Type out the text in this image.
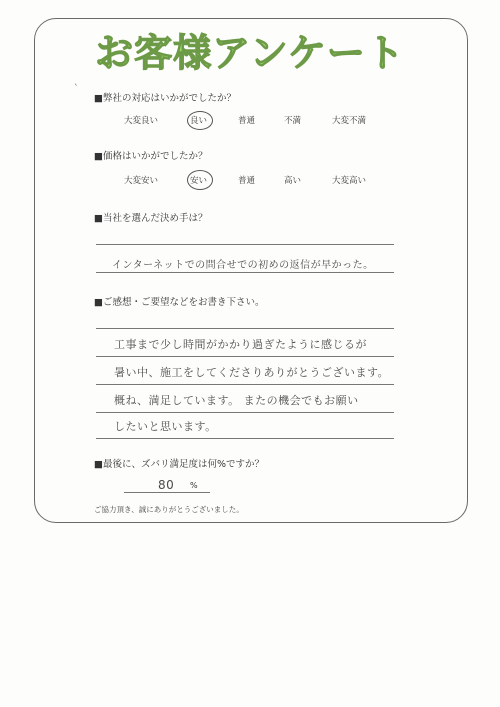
`
お客様アンケート
■弊社の対応はいかがでしたか？
大変良い	良い	普通	不満	大変不満
■価格はいかがでしたか？
大変安い	安い	普通	高い	大変高い
■当社を選んだ決め手は？
インターネットでの問合せでの初めの返信が早かった。
■ご感想・ご要望などをお書き下さい。
工事まで少し時間がかかり過ぎたように感じるが
暑い中、施工をしてくださりありがとうございます。
概ね、満足しています。 またの機会でもお願い
したいと思います。
■最後に、ズバリ満足度は何%ですか？
80 %
ご協力頂き、誠にありがとうございました。
